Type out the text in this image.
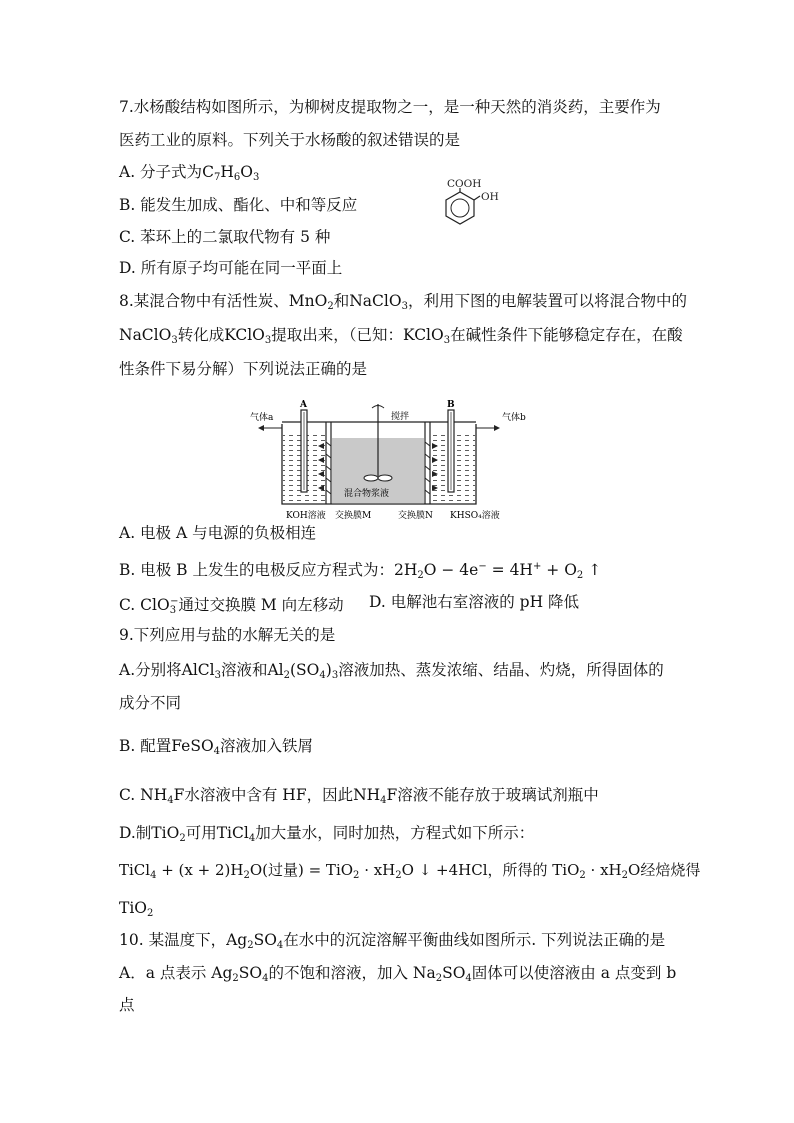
7.水杨酸结构如图所示，为柳树皮提取物之一，是一种天然的消炎药，主要作为
医药工业的原料。下列关于水杨酸的叙述错误的是
A. 分子式为$C_7H_6O_3$
B. 能发生加成、酯化、中和等反应
C. 苯环上的二氯取代物有 5 种
D. 所有原子均可能在同一平面上
COOH
OH
8.某混合物中有活性炭、MnO$_2$和NaClO$_3$，利用下图的电解装置可以将混合物中的
NaClO$_3$转化成KClO$_3$提取出来，（已知：KClO$_3$在碱性条件下能够稳定存在，在酸
性条件下易分解）下列说法正确的是
A	B
搅拌
气体a	气体b
KOH溶液
混合物浆液
交换膜M	交换膜N KHSO₄溶液
A. 电极 A 与电源的负极相连
B. 电极 B 上发生的电极反应方程式为：$2H_2O - 4e^- = 4H^+ + O_2$ ↑
C. ClO$_3$−通过交换膜 M 向左移动 D. 电解池右室溶液的 pH 降低
9.下列应用与盐的水解无关的是
A.分别将AlCl$_3$溶液和$Al_2(SO_4)_3$溶液加热、蒸发浓缩、结晶、灼烧，所得固体的
成分不同
B. 配置FeSO$_4$溶液加入铁屑
C. $NH_4F$水溶液中含有 HF，因此$NH_4F$溶液不能存放于玻璃试剂瓶中
D.制TiO$_2$可用TiCl$_4$加大量水，同时加热，方程式如下所示：
TiCl$_4$ + $(x + 2)H_2O$(过量) = $TiO_2 \cdot xH_2O$ ↓ +4HCl，所得的 $TiO_2 \cdot xH_2O$经焙烧得
TiO$_2$
10. 某温度下，$Ag_2SO_4$在水中的沉淀溶解平衡曲线如图所示. 下列说法正确的是
A．a 点表示 $Ag_2SO_4$的不饱和溶液，加入 $Na_2SO_4$固体可以使溶液由 a 点变到 b
点
